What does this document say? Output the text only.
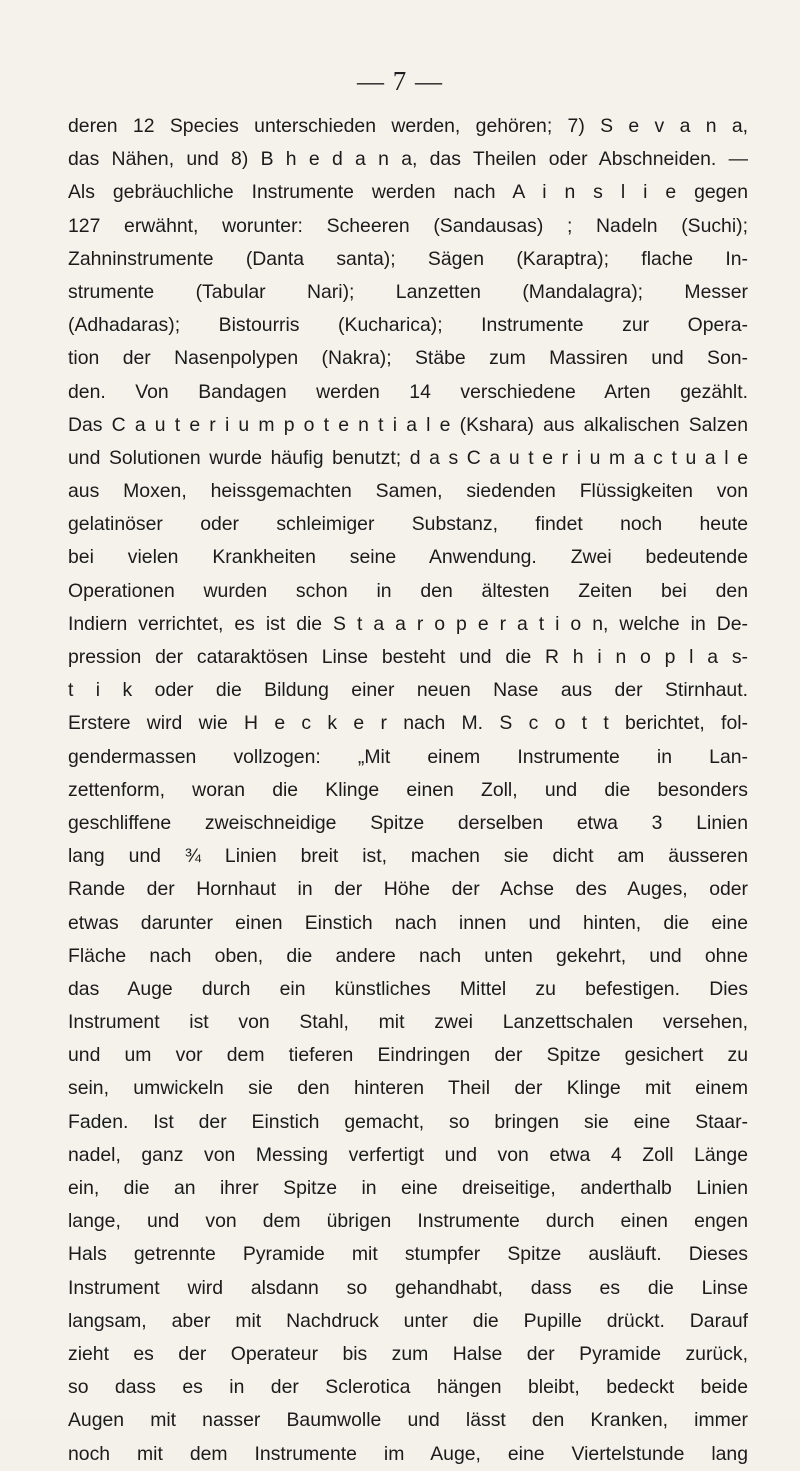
— 7 —
deren 12 Species unterschieden werden, gehören; 7) S e v a n a,
das Nähen, und 8) B h e d a n a, das Theilen oder Abschneiden. —
Als gebräuchliche Instrumente werden nach A i n s l i e gegen
127 erwähnt, worunter: Scheeren (Sandausas) ; Nadeln (Suchi);
Zahninstrumente (Danta santa); Sägen (Karaptra); flache In-
strumente (Tabular Nari); Lanzetten (Mandalagra); Messer
(Adhadaras); Bistourris (Kucharica); Instrumente zur Opera-
tion der Nasenpolypen (Nakra); Stäbe zum Massiren und Son-
den. Von Bandagen werden 14 verschiedene Arten gezählt.
Das C a u t e r i u m p o t e n t i a l e (Kshara) aus alkalischen Salzen
und Solutionen wurde häufig benutzt; d a s C a u t e r i u m a c t u a l e
aus Moxen, heissgemachten Samen, siedenden Flüssigkeiten von
gelatinöser oder schleimiger Substanz, findet noch heute
bei vielen Krankheiten seine Anwendung. Zwei bedeutende
Operationen wurden schon in den ältesten Zeiten bei den
Indiern verrichtet, es ist die S t a a r o p e r a t i o n, welche in De-
pression der cataraktösen Linse besteht und die R h i n o p l a s-
t i k oder die Bildung einer neuen Nase aus der Stirnhaut.
Erstere wird wie H e c k e r nach M. S c o t t berichtet, fol-
gendermassen vollzogen: „Mit einem Instrumente in Lan-
zettenform, woran die Klinge einen Zoll, und die besonders
geschliffene zweischneidige Spitze derselben etwa 3 Linien
lang und ¾ Linien breit ist, machen sie dicht am äusseren
Rande der Hornhaut in der Höhe der Achse des Auges, oder
etwas darunter einen Einstich nach innen und hinten, die eine
Fläche nach oben, die andere nach unten gekehrt, und ohne
das Auge durch ein künstliches Mittel zu befestigen. Dies
Instrument ist von Stahl, mit zwei Lanzettschalen versehen,
und um vor dem tieferen Eindringen der Spitze gesichert zu
sein, umwickeln sie den hinteren Theil der Klinge mit einem
Faden. Ist der Einstich gemacht, so bringen sie eine Staar-
nadel, ganz von Messing verfertigt und von etwa 4 Zoll Länge
ein, die an ihrer Spitze in eine dreiseitige, anderthalb Linien
lange, und von dem übrigen Instrumente durch einen engen
Hals getrennte Pyramide mit stumpfer Spitze ausläuft. Dieses
Instrument wird alsdann so gehandhabt, dass es die Linse
langsam, aber mit Nachdruck unter die Pupille drückt. Darauf
zieht es der Operateur bis zum Halse der Pyramide zurück,
so dass es in der Sclerotica hängen bleibt, bedeckt beide
Augen mit nasser Baumwolle und lässt den Kranken, immer
noch mit dem Instrumente im Auge, eine Viertelstunde lang
